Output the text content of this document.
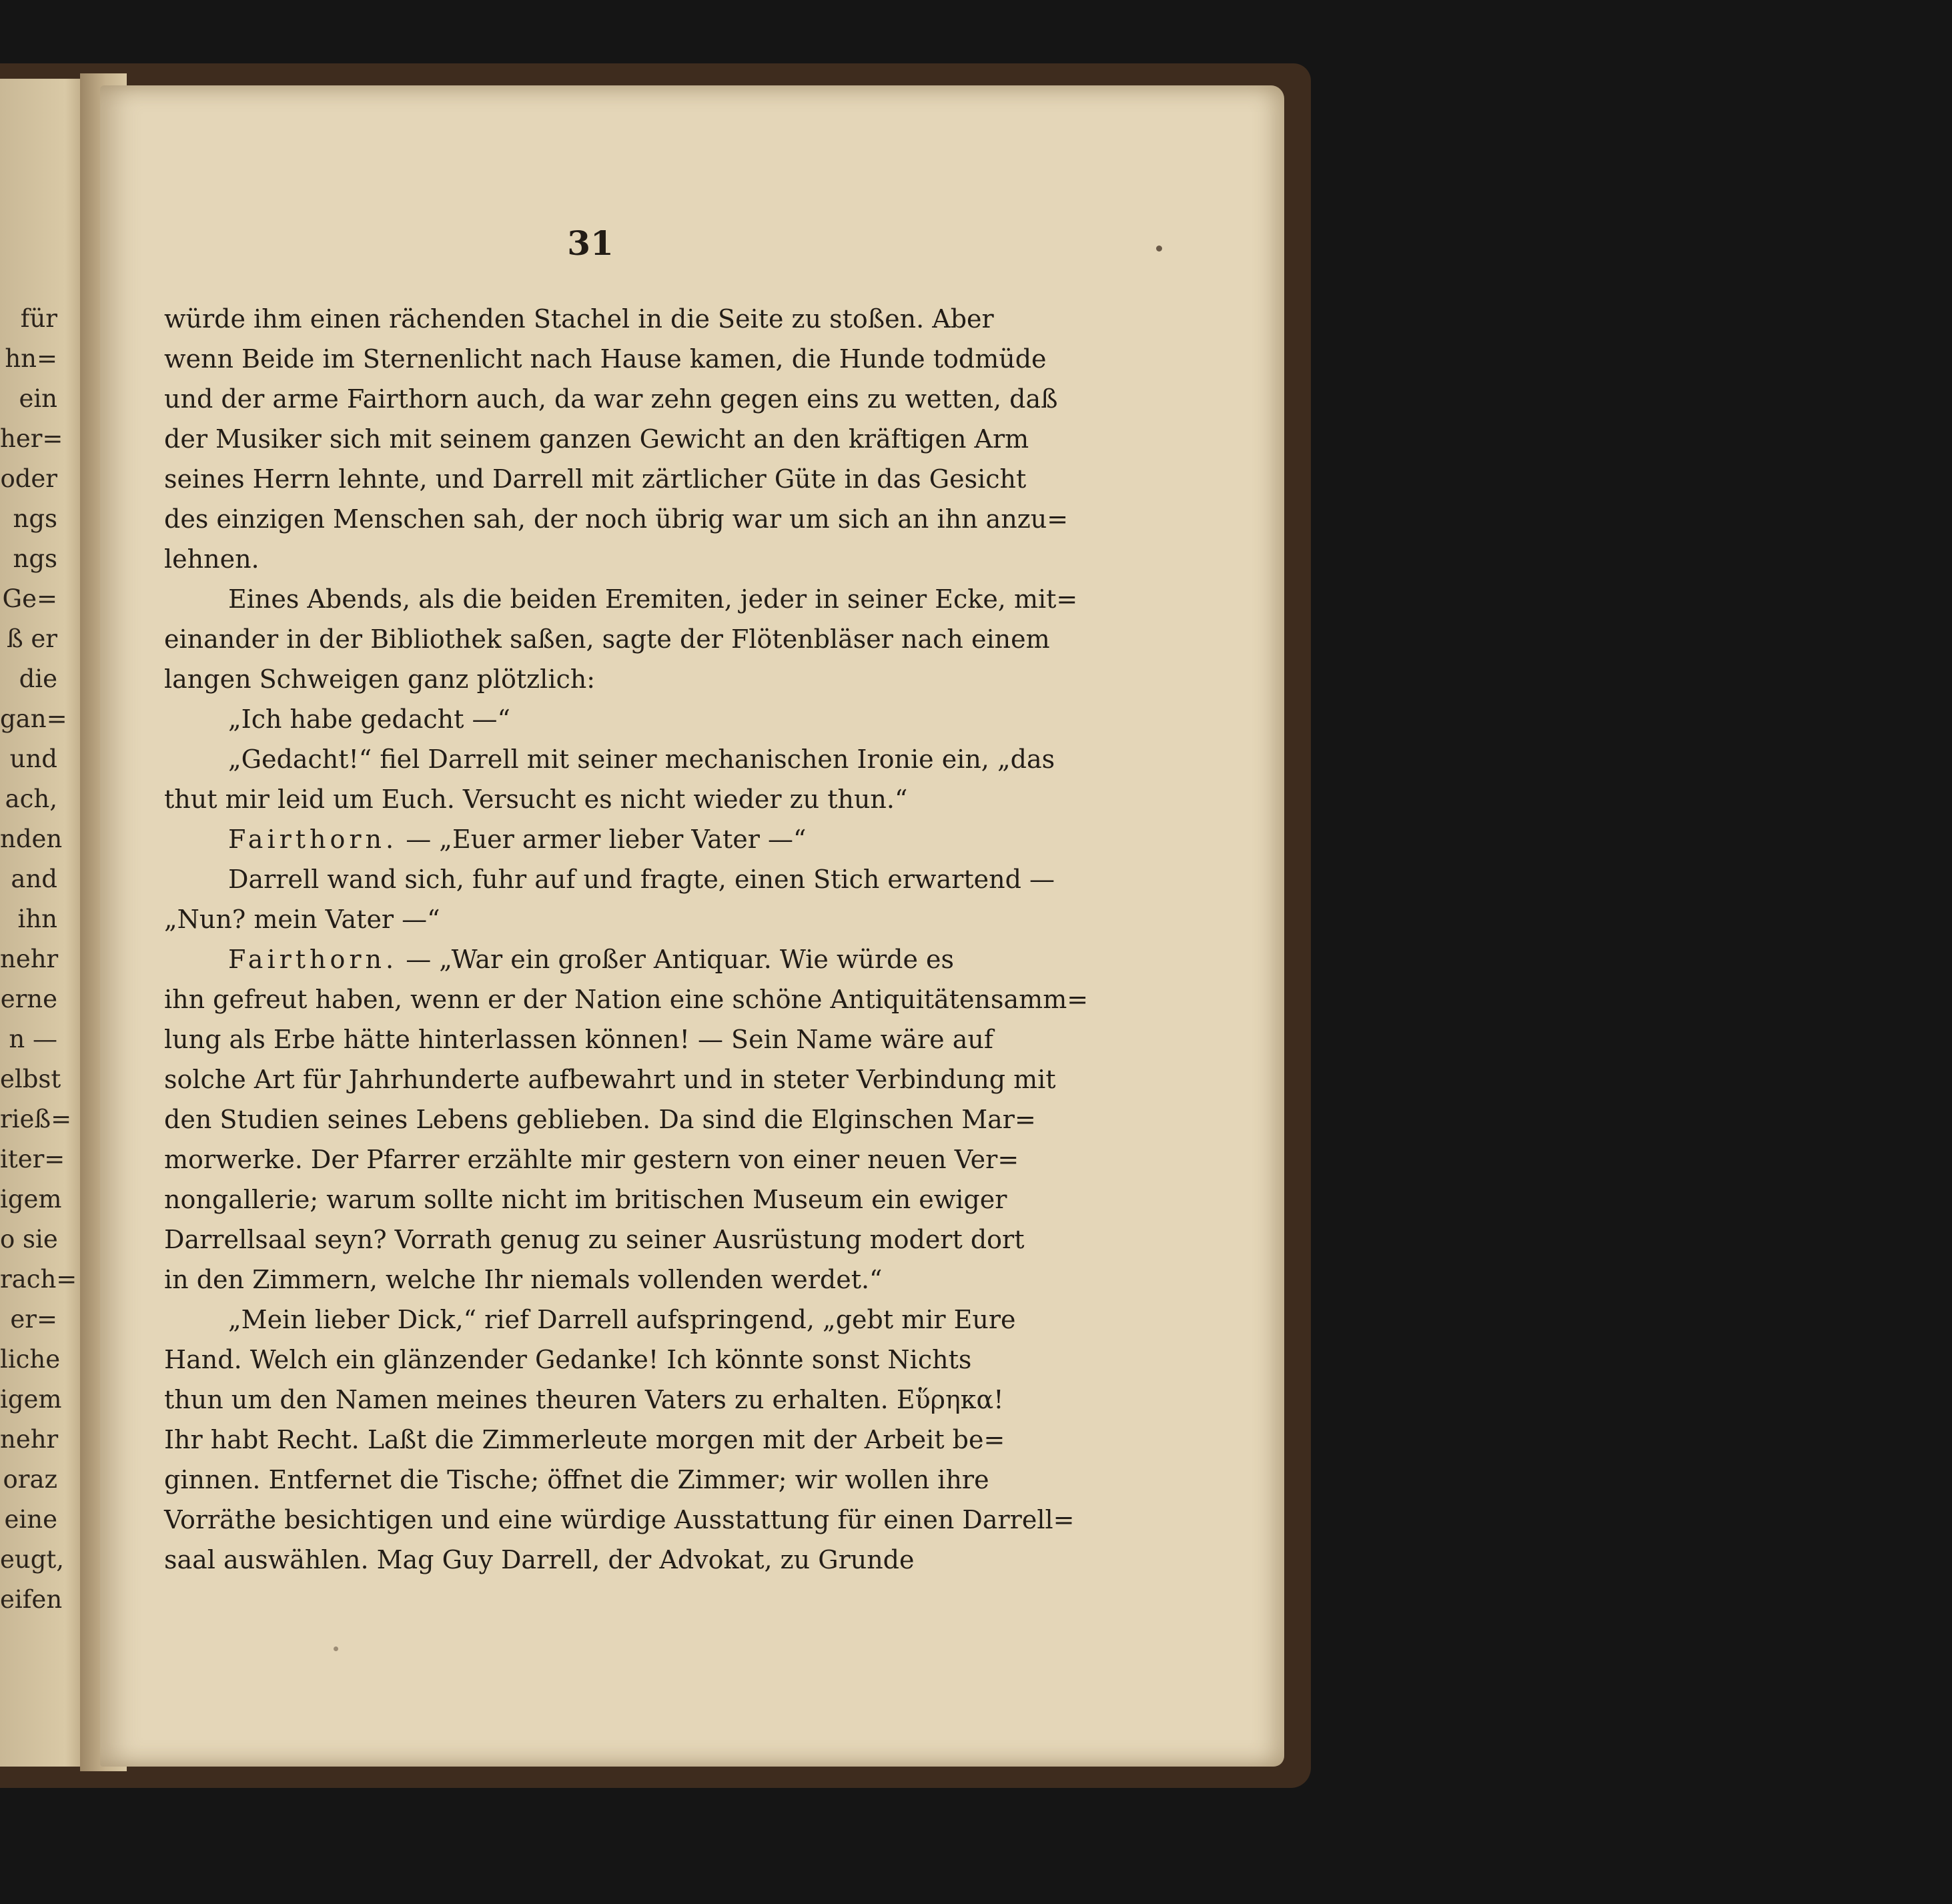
für
hn=
ein
her=
oder
ngs
ngs
Ge=
ß er
die
gan=
und
ach,
nden
and
ihn
nehr
erne
n —
elbst
rieß=
iter=
igem
o sie
rach=
er=
liche
igem
nehr
oraz
eine
eugt,
eifen
31
würde ihm einen rächenden Stachel in die Seite zu stoßen. Aber
wenn Beide im Sternenlicht nach Hause kamen, die Hunde todmüde
und der arme Fairthorn auch, da war zehn gegen eins zu wetten, daß
der Musiker sich mit seinem ganzen Gewicht an den kräftigen Arm
seines Herrn lehnte, und Darrell mit zärtlicher Güte in das Gesicht
des einzigen Menschen sah, der noch übrig war um sich an ihn anzu=
lehnen.
Eines Abends, als die beiden Eremiten, jeder in seiner Ecke, mit=
einander in der Bibliothek saßen, sagte der Flötenbläser nach einem
langen Schweigen ganz plötzlich:
„Ich habe gedacht —“
„Gedacht!“ fiel Darrell mit seiner mechanischen Ironie ein, „das
thut mir leid um Euch. Versucht es nicht wieder zu thun.“
Fairthorn. — „Euer armer lieber Vater —“
Darrell wand sich, fuhr auf und fragte, einen Stich erwartend —
„Nun? mein Vater —“
Fairthorn. — „War ein großer Antiquar. Wie würde es
ihn gefreut haben, wenn er der Nation eine schöne Antiquitätensamm=
lung als Erbe hätte hinterlassen können! — Sein Name wäre auf
solche Art für Jahrhunderte aufbewahrt und in steter Verbindung mit
den Studien seines Lebens geblieben. Da sind die Elginschen Mar=
morwerke. Der Pfarrer erzählte mir gestern von einer neuen Ver=
nongallerie; warum sollte nicht im britischen Museum ein ewiger
Darrellsaal seyn? Vorrath genug zu seiner Ausrüstung modert dort
in den Zimmern, welche Ihr niemals vollenden werdet.“
„Mein lieber Dick,“ rief Darrell aufspringend, „gebt mir Eure
Hand. Welch ein glänzender Gedanke! Ich könnte sonst Nichts
thun um den Namen meines theuren Vaters zu erhalten. Εὕρηκα!
Ihr habt Recht. Laßt die Zimmerleute morgen mit der Arbeit be=
ginnen. Entfernet die Tische; öffnet die Zimmer; wir wollen ihre
Vorräthe besichtigen und eine würdige Ausstattung für einen Darrell=
saal auswählen. Mag Guy Darrell, der Advokat, zu Grunde
